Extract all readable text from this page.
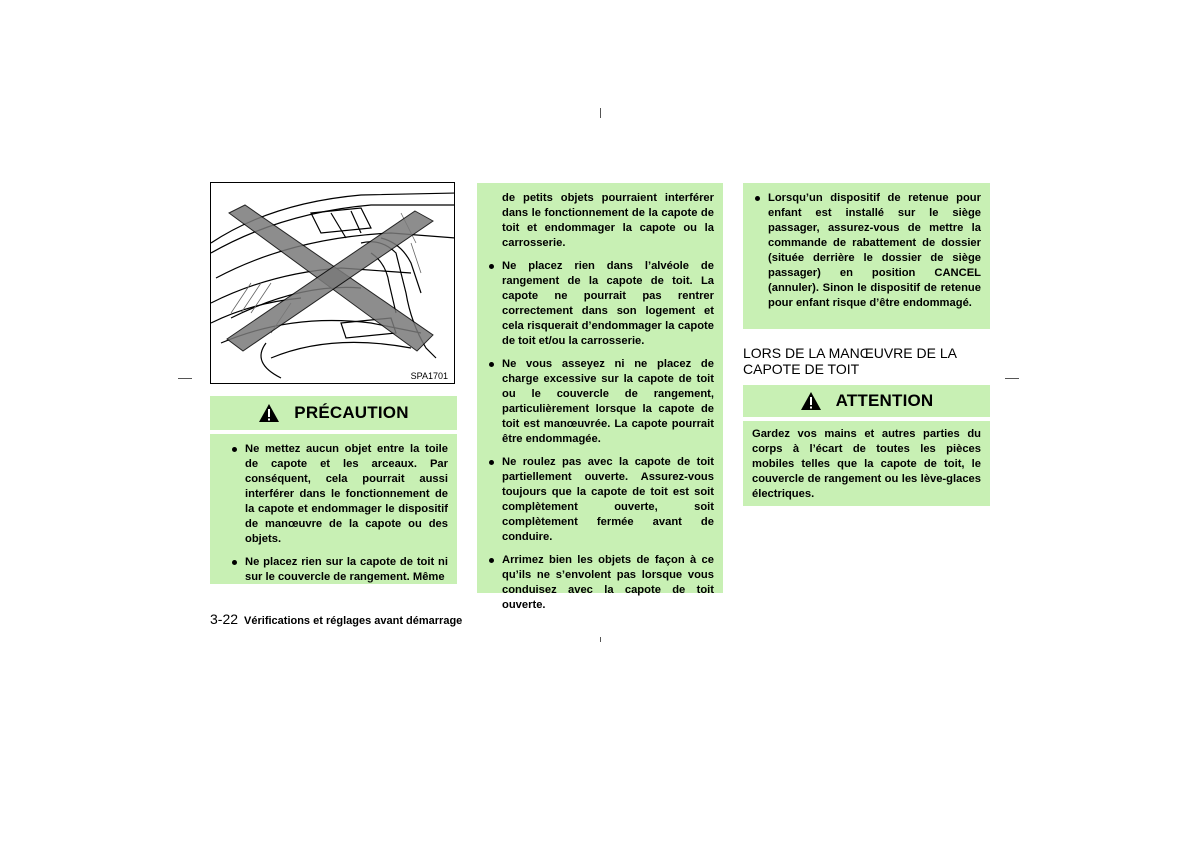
SPA1701
PRÉCAUTION
Ne mettez aucun objet entre la toile de capote et les arceaux. Par conséquent, cela pourrait aussi interférer dans le fonctionnement de la capote et endommager le dispositif de manœuvre de la capote ou des objets.
Ne placez rien sur la capote de toit ni sur le couvercle de rangement. Même
de petits objets pourraient interférer dans le fonctionnement de la capote de toit et endommager la capote ou la carrosserie.
Ne placez rien dans l’alvéole de rangement de la capote de toit. La capote ne pourrait pas rentrer correctement dans son logement et cela risquerait d’endommager la capote de toit et/ou la carrosserie.
Ne vous asseyez ni ne placez de charge excessive sur la capote de toit ou le couvercle de rangement, particulièrement lorsque la capote de toit est manœuvrée. La capote pourrait être endommagée.
Ne roulez pas avec la capote de toit partiellement ouverte. Assurez-vous toujours que la capote de toit est soit complètement ouverte, soit complètement fermée avant de conduire.
Arrimez bien les objets de façon à ce qu’ils ne s’envolent pas lorsque vous conduisez avec la capote de toit ouverte.
Lorsqu’un dispositif de retenue pour enfant est installé sur le siège passager, assurez-vous de mettre la commande de rabattement de dossier (située derrière le dossier de siège passager) en position CANCEL (annuler). Sinon le dispositif de retenue pour enfant risque d’être endommagé.
LORS DE LA MANŒUVRE DE LA CAPOTE DE TOIT
ATTENTION

Gardez vos mains et autres parties du corps à l’écart de toutes les pièces mobiles telles que la capote de toit, le couvercle de rangement ou les lève-glaces électriques.

3-22 Vérifications et réglages avant démarrage
